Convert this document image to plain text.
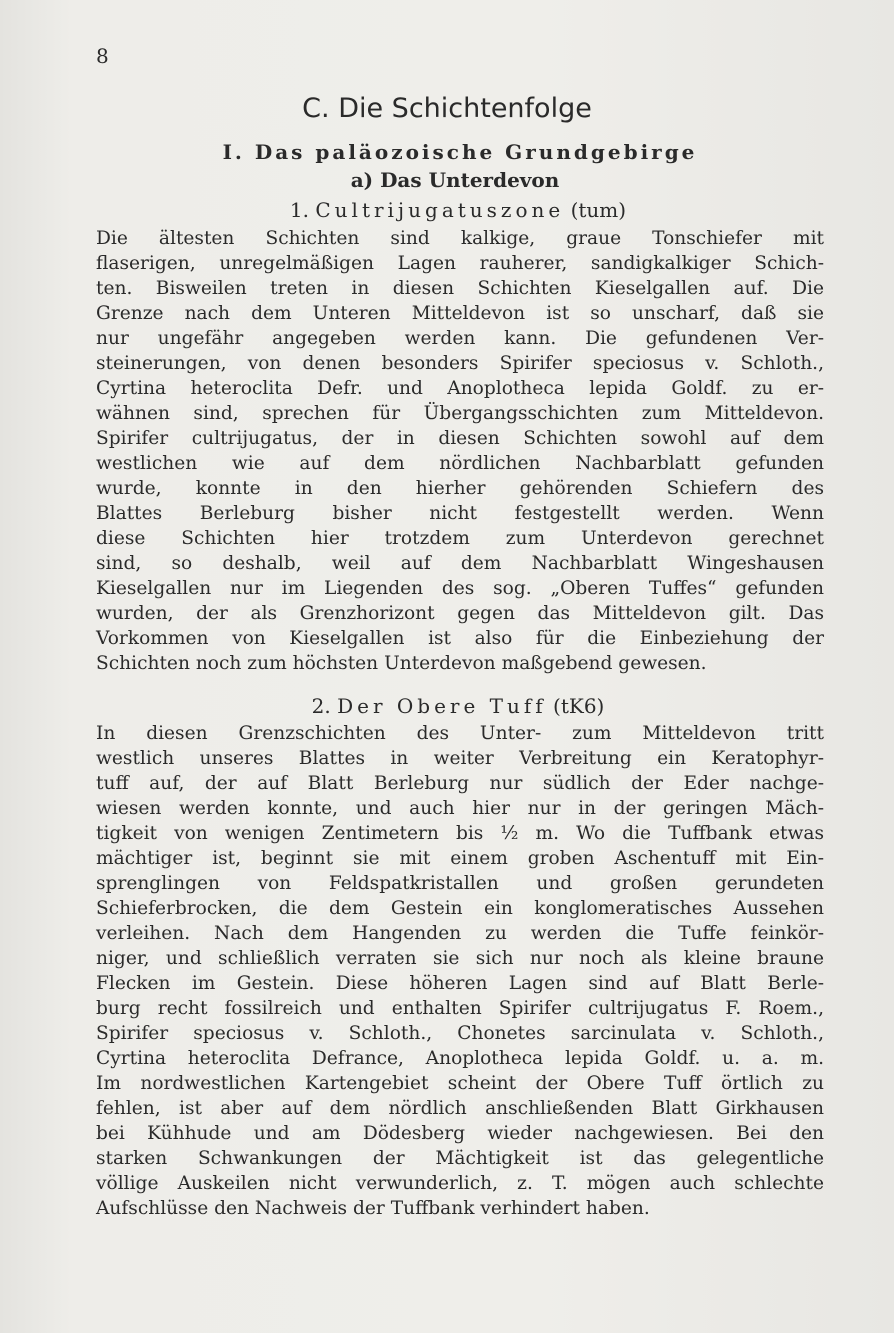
8
C. Die Schichtenfolge
I. Das paläozoische Grundgebirge
a) Das Unterdevon
1. Cultrijugatuszone (tum)
Die ältesten Schichten sind kalkige, graue Tonschiefer mit
flaserigen, unregelmäßigen Lagen rauherer, sandigkalkiger Schich-
ten. Bisweilen treten in diesen Schichten Kieselgallen auf. Die
Grenze nach dem Unteren Mitteldevon ist so unscharf, daß sie
nur ungefähr angegeben werden kann. Die gefundenen Ver-
steinerungen, von denen besonders Spirifer speciosus v. Schloth.,
Cyrtina heteroclita Defr. und Anoplotheca lepida Goldf. zu er-
wähnen sind, sprechen für Übergangsschichten zum Mitteldevon.
Spirifer cultrijugatus, der in diesen Schichten sowohl auf dem
westlichen wie auf dem nördlichen Nachbarblatt gefunden
wurde, konnte in den hierher gehörenden Schiefern des
Blattes Berleburg bisher nicht festgestellt werden. Wenn
diese Schichten hier trotzdem zum Unterdevon gerechnet
sind, so deshalb, weil auf dem Nachbarblatt Wingeshausen
Kieselgallen nur im Liegenden des sog. „Oberen Tuffes“ gefunden
wurden, der als Grenzhorizont gegen das Mitteldevon gilt. Das
Vorkommen von Kieselgallen ist also für die Einbeziehung der
Schichten noch zum höchsten Unterdevon maßgebend gewesen.
2. Der Obere Tuff (tK6)
In diesen Grenzschichten des Unter- zum Mitteldevon tritt
westlich unseres Blattes in weiter Verbreitung ein Keratophyr-
tuff auf, der auf Blatt Berleburg nur südlich der Eder nachge-
wiesen werden konnte, und auch hier nur in der geringen Mäch-
tigkeit von wenigen Zentimetern bis ½ m. Wo die Tuffbank etwas
mächtiger ist, beginnt sie mit einem groben Aschentuff mit Ein-
sprenglingen von Feldspatkristallen und großen gerundeten
Schieferbrocken, die dem Gestein ein konglomeratisches Aussehen
verleihen. Nach dem Hangenden zu werden die Tuffe feinkör-
niger, und schließlich verraten sie sich nur noch als kleine braune
Flecken im Gestein. Diese höheren Lagen sind auf Blatt Berle-
burg recht fossilreich und enthalten Spirifer cultrijugatus F. Roem.,
Spirifer speciosus v. Schloth., Chonetes sarcinulata v. Schloth.,
Cyrtina heteroclita Defrance, Anoplotheca lepida Goldf. u. a. m.
Im nordwestlichen Kartengebiet scheint der Obere Tuff örtlich zu
fehlen, ist aber auf dem nördlich anschließenden Blatt Girkhausen
bei Kühhude und am Dödesberg wieder nachgewiesen. Bei den
starken Schwankungen der Mächtigkeit ist das gelegentliche
völlige Auskeilen nicht verwunderlich, z. T. mögen auch schlechte
Aufschlüsse den Nachweis der Tuffbank verhindert haben.
